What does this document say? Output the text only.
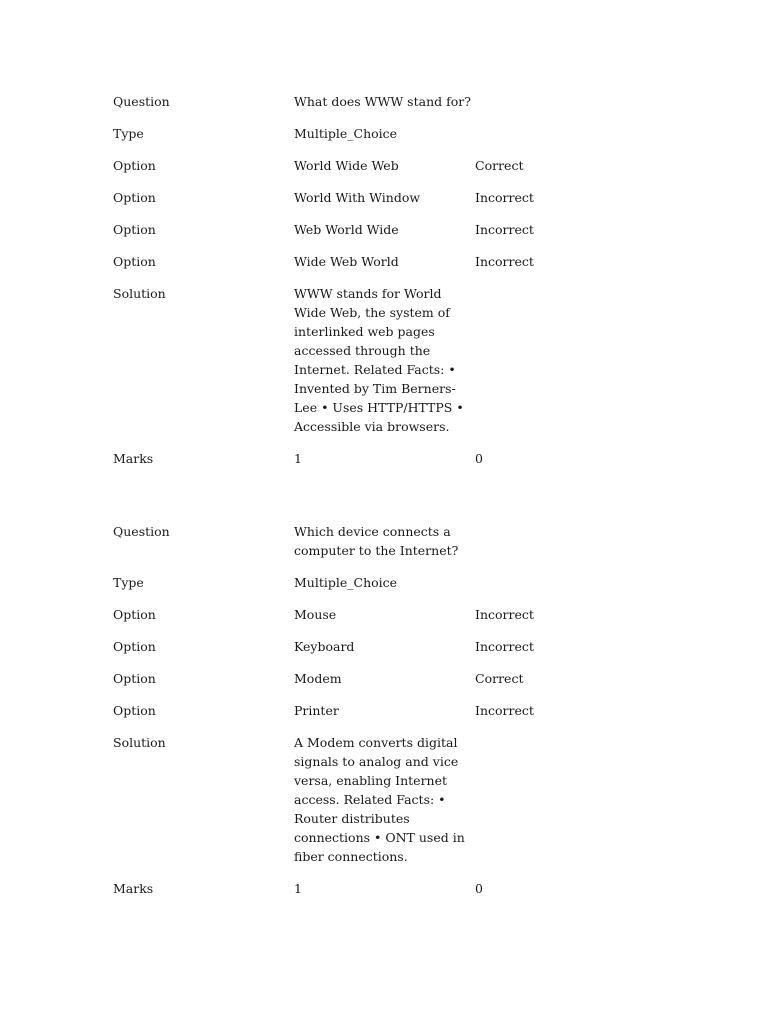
Question	What does WWW stand for?	
Type	Multiple_Choice	
Option	World Wide Web	Correct
Option	World With Window	Incorrect
Option	Web World Wide	Incorrect
Option	Wide Web World	Incorrect
Solution	WWW stands for World Wide Web, the system of interlinked web pages accessed through the Internet. Related Facts: • Invented by Tim Berners-Lee • Uses HTTP/HTTPS • Accessible via browsers.	
Marks	1	0
Question	Which device connects a computer to the Internet?	
Type	Multiple_Choice	
Option	Mouse	Incorrect
Option	Keyboard	Incorrect
Option	Modem	Correct
Option	Printer	Incorrect
Solution	A Modem converts digital signals to analog and vice versa, enabling Internet access. Related Facts: • Router distributes connections • ONT used in fiber connections.	
Marks	1	0
